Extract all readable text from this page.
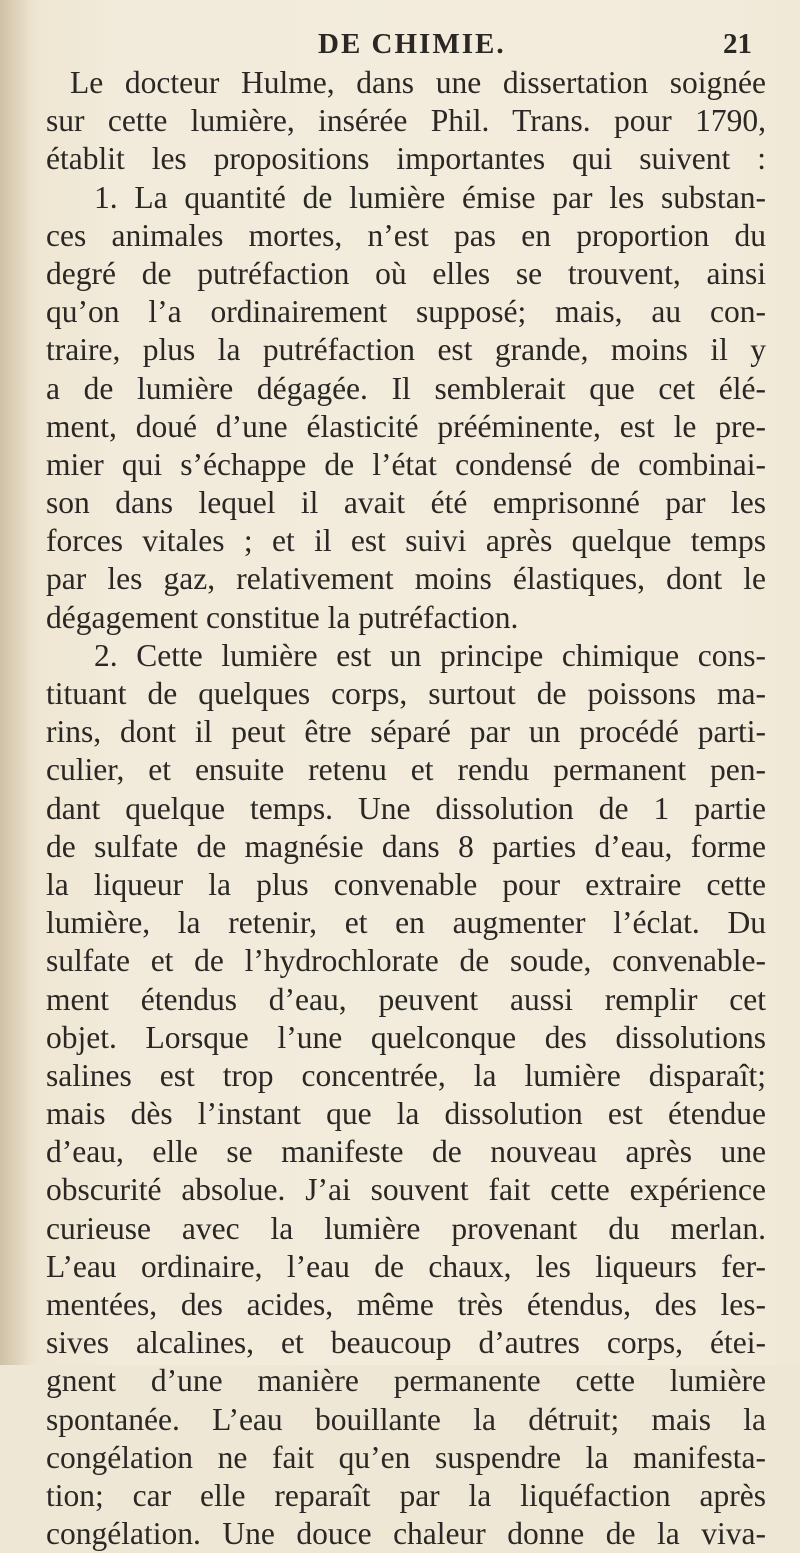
DE CHIMIE.	21
Le docteur Hulme, dans une dissertation soignée
sur cette lumière, insérée Phil. Trans. pour 1790,
établit les propositions importantes qui suivent :
1. La quantité de lumière émise par les substan-
ces animales mortes, n’est pas en proportion du
degré de putréfaction où elles se trouvent, ainsi
qu’on l’a ordinairement supposé; mais, au con-
traire, plus la putréfaction est grande, moins il y
a de lumière dégagée. Il semblerait que cet élé-
ment, doué d’une élasticité prééminente, est le pre-
mier qui s’échappe de l’état condensé de combinai-
son dans lequel il avait été emprisonné par les
forces vitales ; et il est suivi après quelque temps
par les gaz, relativement moins élastiques, dont le
dégagement constitue la putréfaction.
2. Cette lumière est un principe chimique cons-
tituant de quelques corps, surtout de poissons ma-
rins, dont il peut être séparé par un procédé parti-
culier, et ensuite retenu et rendu permanent pen-
dant quelque temps. Une dissolution de 1 partie
de sulfate de magnésie dans 8 parties d’eau, forme
la liqueur la plus convenable pour extraire cette
lumière, la retenir, et en augmenter l’éclat. Du
sulfate et de l’hydrochlorate de soude, convenable-
ment étendus d’eau, peuvent aussi remplir cet
objet. Lorsque l’une quelconque des dissolutions
salines est trop concentrée, la lumière disparaît;
mais dès l’instant que la dissolution est étendue
d’eau, elle se manifeste de nouveau après une
obscurité absolue. J’ai souvent fait cette expérience
curieuse avec la lumière provenant du merlan.
L’eau ordinaire, l’eau de chaux, les liqueurs fer-
mentées, des acides, même très étendus, des les-
sives alcalines, et beaucoup d’autres corps, étei-
gnent d’une manière permanente cette lumière
spontanée. L’eau bouillante la détruit; mais la
congélation ne fait qu’en suspendre la manifesta-
tion; car elle reparaît par la liquéfaction après
congélation. Une douce chaleur donne de la viva-
